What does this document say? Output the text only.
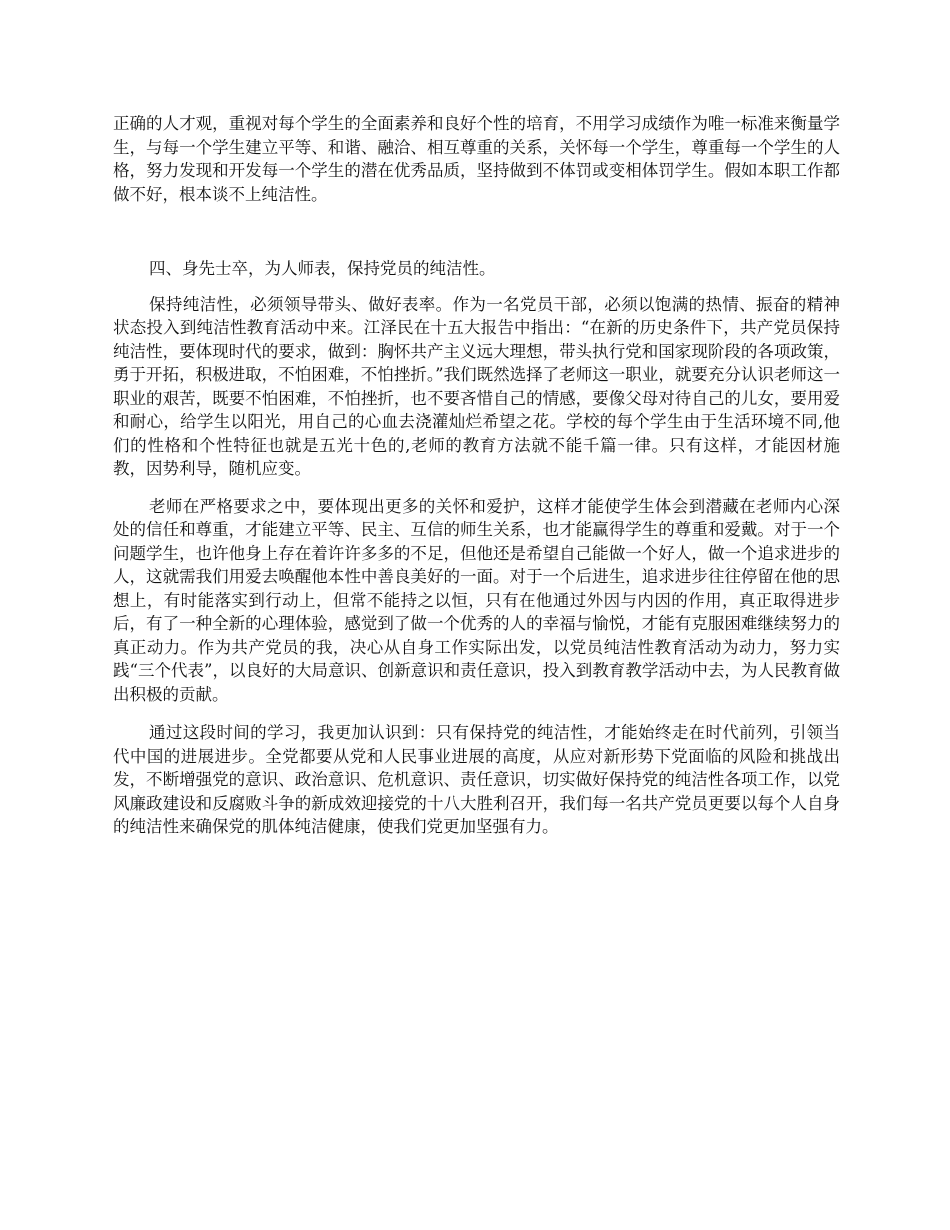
正确的人才观，重视对每个学生的全面素养和良好个性的培育，不用学习成绩作为唯一标准来衡量学生，与每一个学生建立平等、和谐、融洽、相互尊重的关系，关怀每一个学生，尊重每一个学生的人格，努力发现和开发每一个学生的潜在优秀品质，坚持做到不体罚或变相体罚学生。假如本职工作都做不好，根本谈不上纯洁性。

四、身先士卒，为人师表，保持党员的纯洁性。

保持纯洁性，必须领导带头、做好表率。作为一名党员干部，必须以饱满的热情、振奋的精神状态投入到纯洁性教育活动中来。江泽民在十五大报告中指出：“在新的历史条件下，共产党员保持纯洁性，要体现时代的要求，做到：胸怀共产主义远大理想，带头执行党和国家现阶段的各项政策，勇于开拓，积极进取，不怕困难，不怕挫折。”我们既然选择了老师这一职业，就要充分认识老师这一职业的艰苦，既要不怕困难，不怕挫折，也不要吝惜自己的情感，要像父母对待自己的儿女，要用爱和耐心，给学生以阳光，用自己的心血去浇灌灿烂希望之花。学校的每个学生由于生活环境不同,他们的性格和个性特征也就是五光十色的,老师的教育方法就不能千篇一律。只有这样，才能因材施教，因势利导，随机应变。

老师在严格要求之中，要体现出更多的关怀和爱护，这样才能使学生体会到潜藏在老师内心深处的信任和尊重，才能建立平等、民主、互信的师生关系，也才能赢得学生的尊重和爱戴。对于一个问题学生，也许他身上存在着许许多多的不足，但他还是希望自己能做一个好人，做一个追求进步的人，这就需我们用爱去唤醒他本性中善良美好的一面。对于一个后进生，追求进步往往停留在他的思想上，有时能落实到行动上，但常不能持之以恒，只有在他通过外因与内因的作用，真正取得进步后，有了一种全新的心理体验，感觉到了做一个优秀的人的幸福与愉悦，才能有克服困难继续努力的真正动力。作为共产党员的我，决心从自身工作实际出发，以党员纯洁性教育活动为动力，努力实践“三个代表”，以良好的大局意识、创新意识和责任意识，投入到教育教学活动中去，为人民教育做出积极的贡献。

通过这段时间的学习，我更加认识到：只有保持党的纯洁性，才能始终走在时代前列，引领当代中国的进展进步。全党都要从党和人民事业进展的高度，从应对新形势下党面临的风险和挑战出发，不断增强党的意识、政治意识、危机意识、责任意识，切实做好保持党的纯洁性各项工作，以党风廉政建设和反腐败斗争的新成效迎接党的十八大胜利召开，我们每一名共产党员更要以每个人自身的纯洁性来确保党的肌体纯洁健康，使我们党更加坚强有力。
